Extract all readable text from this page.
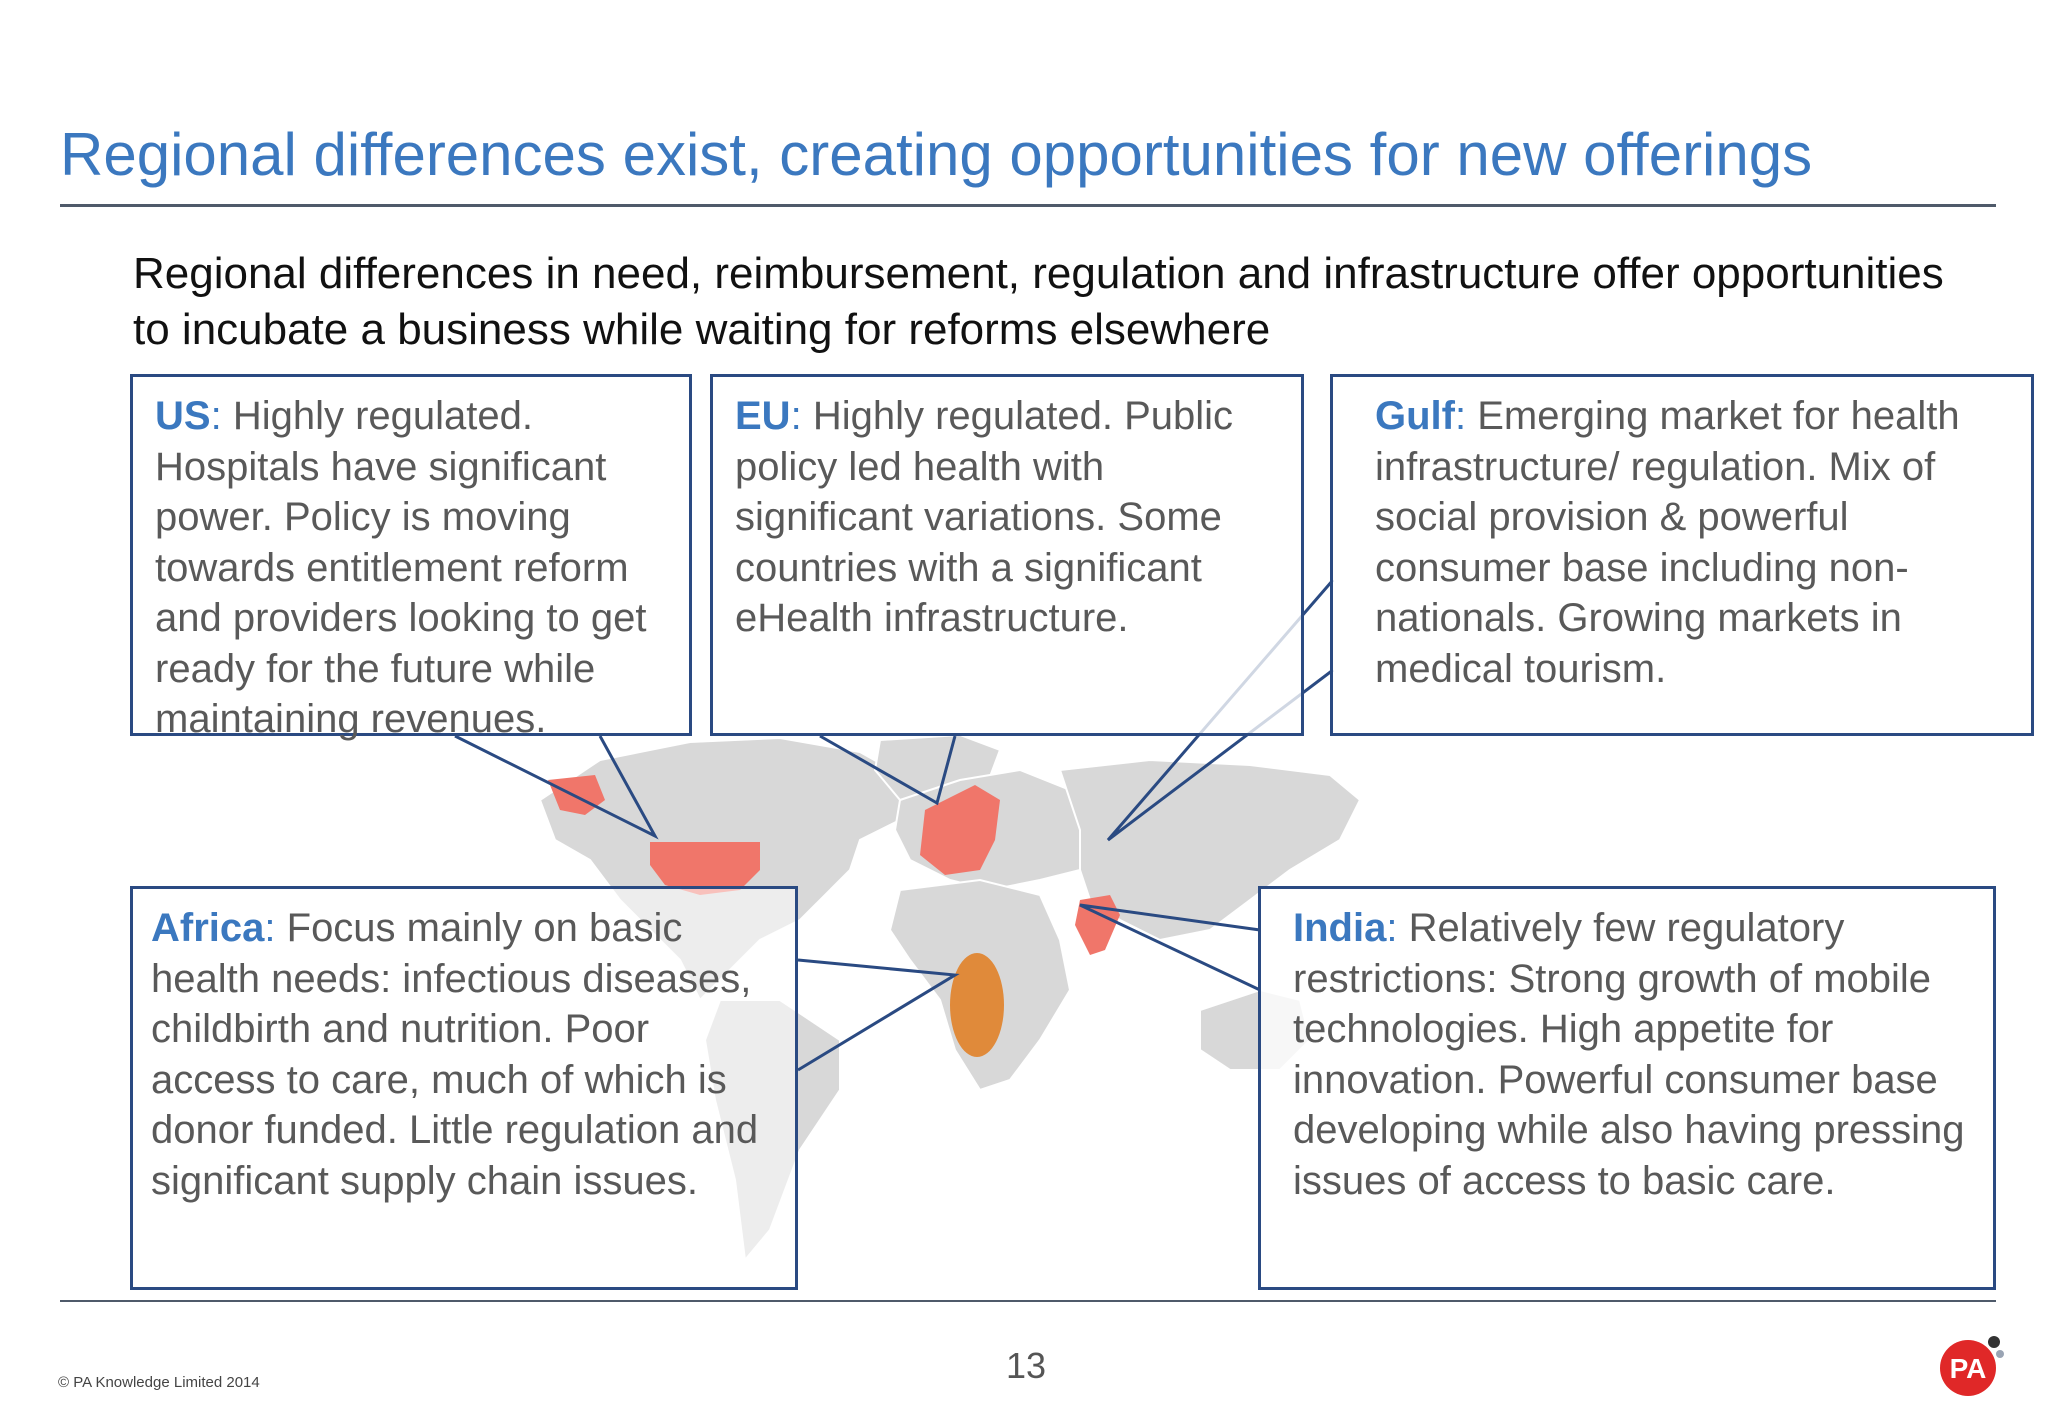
Regional differences exist, creating opportunities for new offerings
Regional differences in need, reimbursement, regulation and infrastructure offer opportunities to incubate a business while waiting for reforms elsewhere
US: Highly regulated. Hospitals have significant power. Policy is moving towards entitlement reform and providers looking to get ready for the future while maintaining revenues.
EU: Highly regulated. Public policy led health with significant variations. Some countries with a significant eHealth infrastructure.
Gulf: Emerging market for health infrastructure/ regulation. Mix of social provision & powerful consumer base including non-nationals. Growing markets in medical tourism.
Africa: Focus mainly on basic health needs: infectious diseases, childbirth and nutrition. Poor access to care, much of which is donor funded. Little regulation and significant supply chain issues.
India: Relatively few regulatory restrictions: Strong growth of mobile technologies. High appetite for innovation. Powerful consumer base developing while also having pressing issues of access to basic care.
13
© PA Knowledge Limited 2014	PA
